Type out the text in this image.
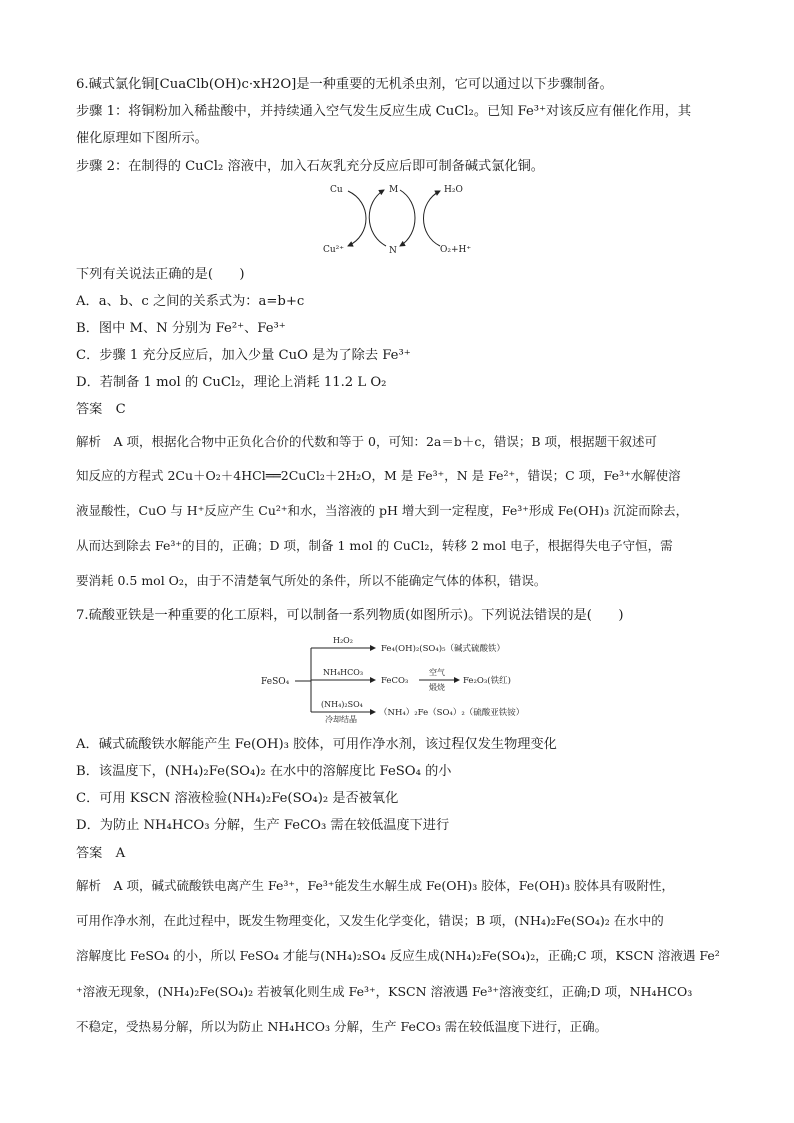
6.碱式氯化铜[CuaClb(OH)c·xH2O]是一种重要的无机杀虫剂，它可以通过以下步骤制备。
步骤 1：将铜粉加入稀盐酸中，并持续通入空气发生反应生成 CuCl₂。已知 Fe³⁺对该反应有催化作用，其
催化原理如下图所示。
步骤 2：在制得的 CuCl₂ 溶液中，加入石灰乳充分反应后即可制备碱式氯化铜。
Cu	M	H₂O
Cu²⁺	N	O₂+H⁺
下列有关说法正确的是(　　)
A．a、b、c 之间的关系式为：a=b+c
B．图中 M、N 分别为 Fe²⁺、Fe³⁺
C．步骤 1 充分反应后，加入少量 CuO 是为了除去 Fe³⁺
D．若制备 1 mol 的 CuCl₂，理论上消耗 11.2 L O₂
答案　 C
解析　 A 项，根据化合物中正负化合价的代数和等于 0，可知：2a＝b＋c，错误；B 项，根据题干叙述可
知反应的方程式 2Cu＋O₂＋4HCl══2CuCl₂＋2H₂O，M 是 Fe³⁺，N 是 Fe²⁺，错误；C 项，Fe³⁺水解使溶
液显酸性，CuO 与 H⁺反应产生 Cu²⁺和水，当溶液的 pH 增大到一定程度，Fe³⁺形成 Fe(OH)₃ 沉淀而除去，
从而达到除去 Fe³⁺的目的，正确；D 项，制备 1 mol 的 CuCl₂，转移 2 mol 电子，根据得失电子守恒，需
要消耗 0.5 mol O₂，由于不清楚氧气所处的条件，所以不能确定气体的体积，错误。
7.硫酸亚铁是一种重要的化工原料，可以制备一系列物质(如图所示)。下列说法错误的是(　　)
FeSO₄
H₂O₂
Fe₄(OH)₂(SO₄)₅（碱式硫酸铁）
NH₄HCO₃
FeCO₃
空气
煅烧
Fe₂O₃(铁红)
(NH₄)₂SO₄
冷却结晶
（NH₄）₂Fe（SO₄）₂（硫酸亚铁铵）
A．碱式硫酸铁水解能产生 Fe(OH)₃ 胶体，可用作净水剂，该过程仅发生物理变化
B．该温度下，(NH₄)₂Fe(SO₄)₂ 在水中的溶解度比 FeSO₄ 的小
C．可用 KSCN 溶液检验(NH₄)₂Fe(SO₄)₂ 是否被氧化
D．为防止 NH₄HCO₃ 分解，生产 FeCO₃ 需在较低温度下进行
答案　 A
解析　 A 项，碱式硫酸铁电离产生 Fe³⁺，Fe³⁺能发生水解生成 Fe(OH)₃ 胶体，Fe(OH)₃ 胶体具有吸附性，
可用作净水剂，在此过程中，既发生物理变化，又发生化学变化，错误；B 项，(NH₄)₂Fe(SO₄)₂ 在水中的
溶解度比 FeSO₄ 的小，所以 FeSO₄ 才能与(NH₄)₂SO₄ 反应生成(NH₄)₂Fe(SO₄)₂，正确;C 项，KSCN 溶液遇 Fe²
⁺溶液无现象，(NH₄)₂Fe(SO₄)₂ 若被氧化则生成 Fe³⁺，KSCN 溶液遇 Fe³⁺溶液变红，正确;D 项，NH₄HCO₃
不稳定，受热易分解，所以为防止 NH₄HCO₃ 分解，生产 FeCO₃ 需在较低温度下进行，正确。
